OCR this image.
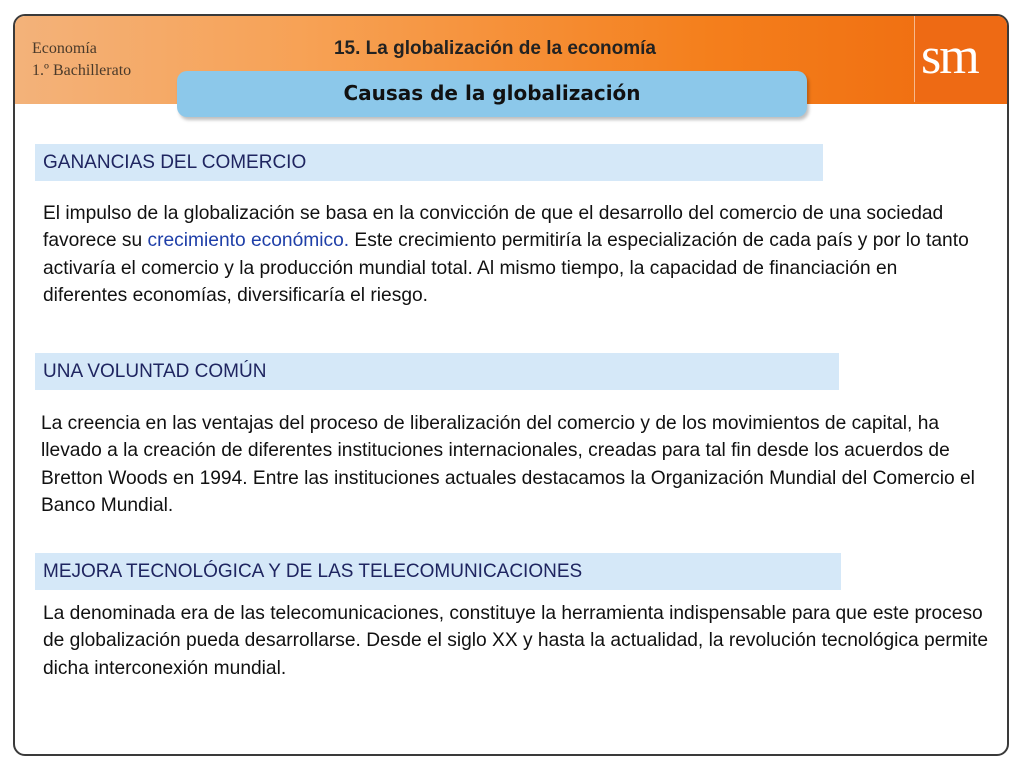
Economía
1.º Bachillerato
15. La globalización de la economía	sm
Causas de la globalización
GANANCIAS DEL COMERCIO
El impulso de la globalización se basa en la convicción de que el desarrollo del comercio de una sociedad favorece su crecimiento económico. Este crecimiento permitiría la especialización de cada país y por lo tanto activaría el comercio y la producción mundial total. Al mismo tiempo, la capacidad de financiación en diferentes economías, diversificaría el riesgo.
UNA VOLUNTAD COMÚN
La creencia en las ventajas del proceso de liberalización del comercio y de los movimientos de capital, ha llevado a la creación de diferentes instituciones internacionales, creadas para tal fin desde los acuerdos de Bretton Woods en 1994. Entre las instituciones actuales destacamos la Organización Mundial del Comercio el Banco Mundial.
MEJORA TECNOLÓGICA Y DE LAS TELECOMUNICACIONES
La denominada era de las telecomunicaciones, constituye la herramienta indispensable para que este proceso de globalización pueda desarrollarse. Desde el siglo XX y hasta la actualidad, la revolución tecnológica permite dicha interconexión mundial.
